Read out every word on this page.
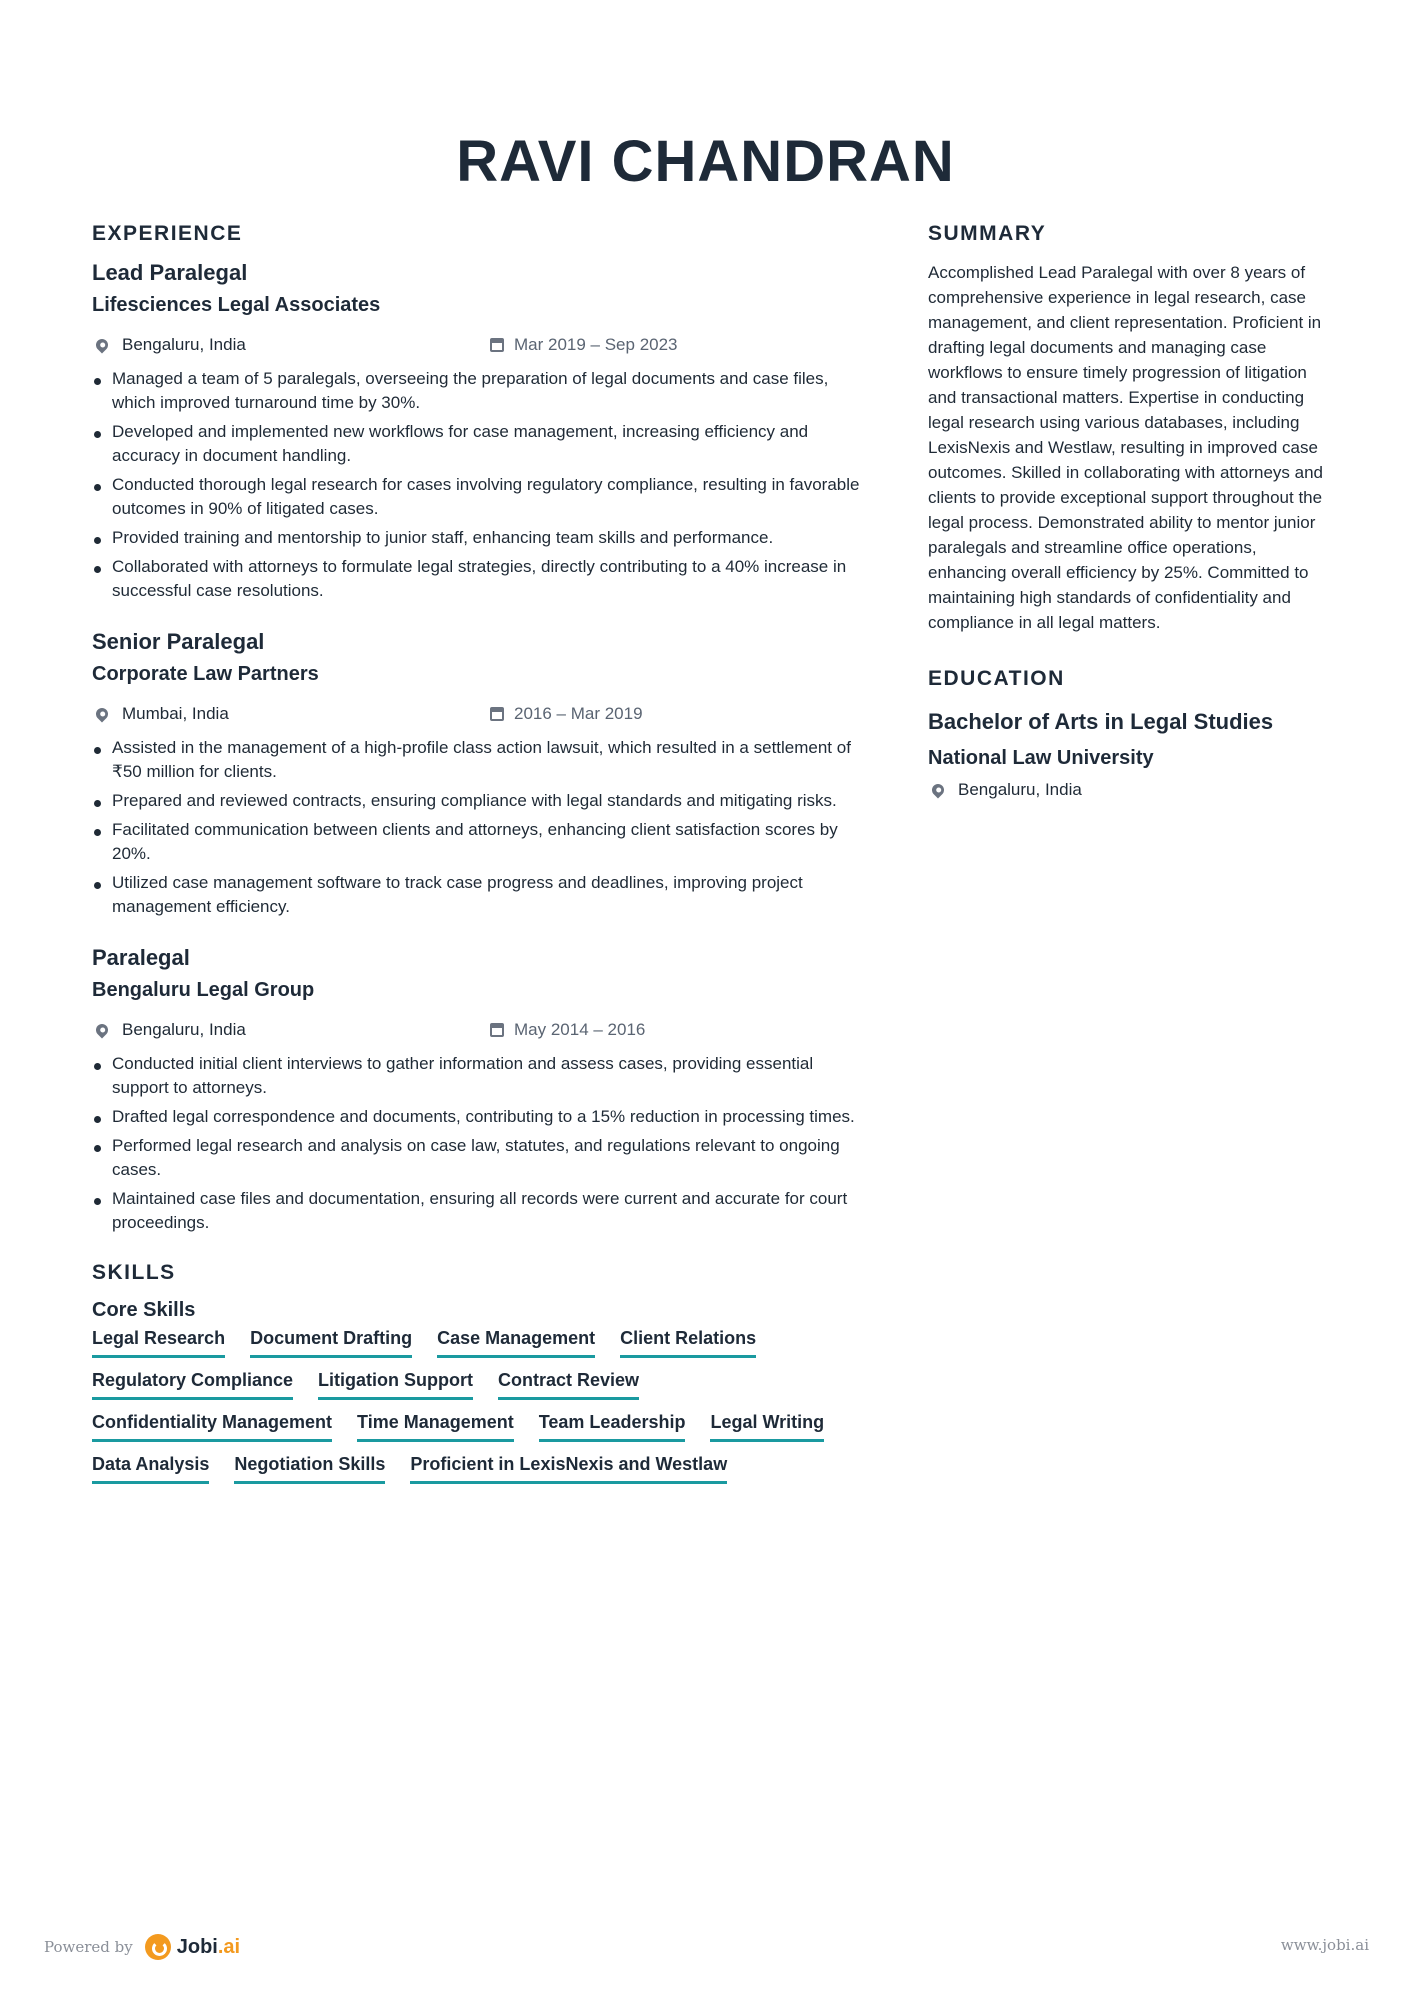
RAVI CHANDRAN
EXPERIENCE
Lead Paralegal
Lifesciences Legal Associates
Bengaluru, India	Mar 2019 – Sep 2023
Managed a team of 5 paralegals, overseeing the preparation of legal documents and case files, which improved turnaround time by 30%.
Developed and implemented new workflows for case management, increasing efficiency and accuracy in document handling.
Conducted thorough legal research for cases involving regulatory compliance, resulting in favorable outcomes in 90% of litigated cases.
Provided training and mentorship to junior staff, enhancing team skills and performance.
Collaborated with attorneys to formulate legal strategies, directly contributing to a 40% increase in successful case resolutions.
Senior Paralegal
Corporate Law Partners
Mumbai, India	2016 – Mar 2019
Assisted in the management of a high-profile class action lawsuit, which resulted in a settlement of ₹50 million for clients.
Prepared and reviewed contracts, ensuring compliance with legal standards and mitigating risks.
Facilitated communication between clients and attorneys, enhancing client satisfaction scores by 20%.
Utilized case management software to track case progress and deadlines, improving project management efficiency.
Paralegal
Bengaluru Legal Group
Bengaluru, India	May 2014 – 2016
Conducted initial client interviews to gather information and assess cases, providing essential support to attorneys.
Drafted legal correspondence and documents, contributing to a 15% reduction in processing times.
Performed legal research and analysis on case law, statutes, and regulations relevant to ongoing cases.
Maintained case files and documentation, ensuring all records were current and accurate for court proceedings.
SKILLS
Core Skills
Legal Research Document Drafting Case Management Client Relations
Regulatory Compliance Litigation Support Contract Review
Confidentiality Management Time Management Team Leadership Legal Writing
Data Analysis Negotiation Skills Proficient in LexisNexis and Westlaw
SUMMARY

Accomplished Lead Paralegal with over 8 years of comprehensive experience in legal research, case management, and client representation. Proficient in drafting legal documents and managing case workflows to ensure timely progression of litigation and transactional matters. Expertise in conducting legal research using various databases, including LexisNexis and Westlaw, resulting in improved case outcomes. Skilled in collaborating with attorneys and clients to provide exceptional support throughout the legal process. Demonstrated ability to mentor junior paralegals and streamline office operations, enhancing overall efficiency by 25%. Committed to maintaining high standards of confidentiality and compliance in all legal matters.

EDUCATION
Bachelor of Arts in Legal Studies
National Law University
Bengaluru, India
Powered by Jobi.ai	www.jobi.ai
